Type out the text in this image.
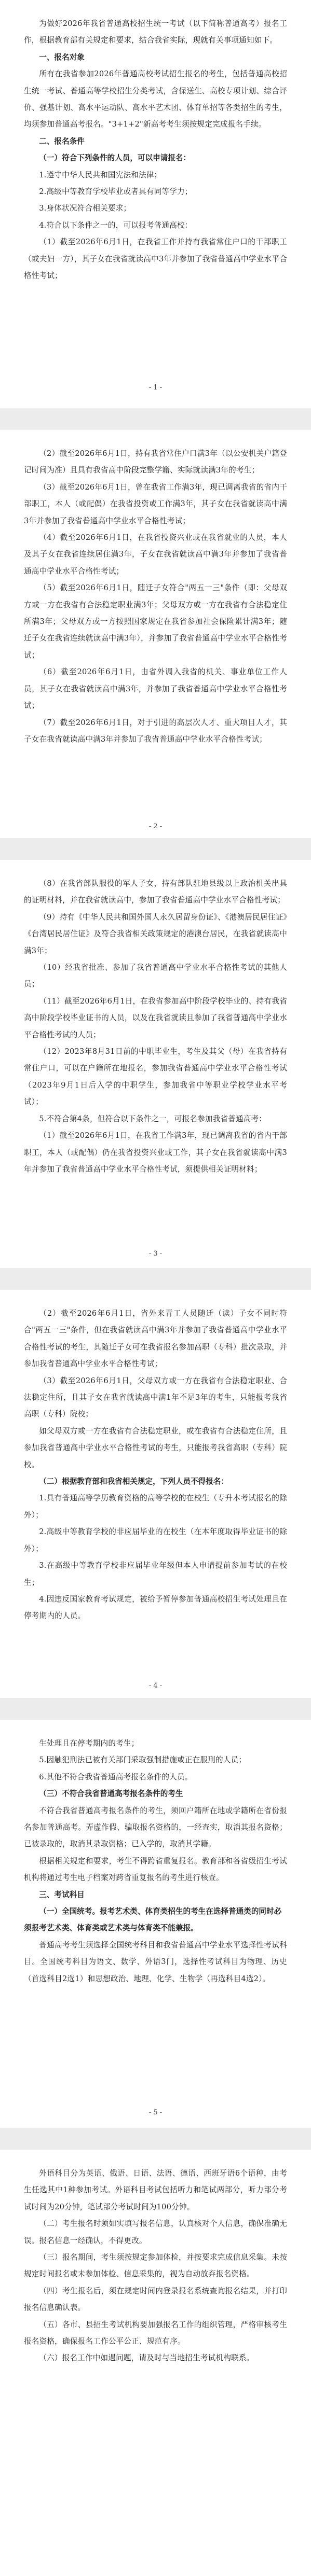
为做好2026年我省普通高校招生统一考试（以下简称普通高考）报名工作，根据教育部有关规定和要求，结合我省实际，现就有关事项通知如下。

一、报名对象

所有在我省参加2026年普通高校考试招生报名的考生，包括普通高校招生统一考试、普通高等学校招生分类考试，含保送生、高校专项计划、综合评价、强基计划、高水平运动队、高水平艺术团、体育单招等各类招生的考生，均须参加普通高考报名。"3+1+2"新高考考生须按规定完成报名手续。

二、报名条件

（一）符合下列条件的人员，可以申请报名：

1.遵守中华人民共和国宪法和法律；

2.高级中等教育学校毕业或者具有同等学力；

3.身体状况符合相关要求；

4.符合以下条件之一的，可以报考普通高校：

（1）截至2026年6月1日，在我省工作并持有我省常住户口的干部职工（或夫妇一方），其子女在我省就读高中3年并参加了我省普通高中学业水平合格性考试；

- 1 -

（2）截至2026年6月1日，持有我省常住户口满3年（以公安机关户籍登记时间为准）且具有我省高中阶段完整学籍、实际就读满3年的考生；

（3）截至2026年6月1日，曾在我省工作满3年，现已调离我省的省内干部职工，本人（或配偶）在我省投资或工作满3年，其子女在我省就读高中满3年并参加了我省普通高中学业水平合格性考试；

（4）截至2026年6月1日，在我省投资兴业或在我省就业的人员，本人及其子女在我省连续居住满3年，子女在我省就读高中满3年并参加了我省普通高中学业水平合格性考试；

（5）截至2026年6月1日，随迁子女符合"两五一三"条件（即：父母双方或一方在我省有合法稳定职业满3年；父母双方或一方在我省有合法稳定住所满3年；父母双方或一方按照国家规定在我省参加社会保险累计满3年；随迁子女在我省连续就读高中满3年），并参加了我省普通高中学业水平合格性考试；

（6）截至2026年6月1日，由省外调入我省的机关、事业单位工作人员，其子女在我省就读高中满3年，并参加了我省普通高中学业水平合格性考试；

（7）截至2026年6月1日，对于引进的高层次人才、重大项目人才，其子女在我省就读高中满3年并参加了我省普通高中学业水平合格性考试；

- 2 -

（8）在我省部队服役的军人子女，持有部队驻地县级以上政治机关出具的证明材料，并在我省就读高中，参加了我省普通高中学业水平合格性考试；

（9）持有《中华人民共和国外国人永久居留身份证》、《港澳居民居住证》《台湾居民居住证》及符合我省相关政策规定的港澳台居民，在我省就读高中满3年；

（10）经我省批准、参加了我省普通高中学业水平合格性考试的其他人员；

（11）截至2026年6月1日，在我省参加高中阶段学校毕业的、持有我省高中阶段学校毕业证书的人员，以及在我省就读且参加了我省普通高中学业水平合格性考试的人员；

（12）2023年8月31日前的中职毕业生，考生及其父（母）在我省持有常住户口，可以在户籍所在地报名，参加我省普通高中学业水平合格性考试（2023年9月1日后入学的中职学生，参加我省中等职业学校学业水平考试）；

5.不符合第4条，但符合以下条件之一，可报名参加我省普通高考：

（1）截至2026年6月1日，在我省工作满3年，现已调离我省的省内干部职工，本人（或配偶）仍在我省投资兴业或工作，其子女在我省就读高中满3年并参加了我省普通高中学业水平合格性考试，须提供相关证明材料；

- 3 -

（2）截至2026年6月1日，省外来青工人员随迁（读）子女不同时符合"两五一三"条件，但在我省就读高中满3年并参加了我省普通高中学业水平合格性考试的考生，其随迁子女可在我省报名参加高职（专科）批次录取，并参加我省普通高中学业水平合格性考试；

（3）截至2026年6月1日，父母双方或一方在我省有合法稳定职业、合法稳定住所，且其子女在我省就读高中满1年不足3年的考生，只能报考我省高职（专科）院校；

如父母双方或一方在我省有合法稳定职业，或在我省有合法稳定住所，且参加我省普通高中学业水平合格性考试的考生，只能报考我省高职（专科）院校。

（二）根据教育部和我省相关规定，下列人员不得报名：

1.具有普通高等学历教育资格的高等学校的在校生（专升本考试报名的除外）；

2.高级中等教育学校的非应届毕业的在校生（在本年度取得毕业证书的除外）；

3.在高级中等教育学校非应届毕业年级但本人申请提前参加考试的在校生；

4.因违反国家教育考试规定，被给予暂停参加普通高校招生考试处理且在停考期内的人员。

- 4 -

生处理且在停考期内的考生；

5.因触犯刑法已被有关部门采取强制措施或正在服刑的人员；

6.其他不符合我省普通高考报名条件的人员。

（三）不符合我省普通高考报名条件的考生

不符合我省普通高考报名条件的考生，须回户籍所在地或学籍所在省份报名参加普通高考。弄虚作假、骗取报名资格的，一经查实，取消其报名资格；已被录取的，取消其录取资格；已入学的，取消其学籍。

根据相关规定和要求，考生不得跨省重复报名。教育部和各省级招生考试机构将通过考生电子档案对跨省重复报名的考生进行核查。

三、考试科目

（一）全国统考。报考艺术类、体育类招生的考生在选择普通类的同时必须报考艺术类、体育类或艺术类与体育类不能兼报。

普通高考考生须选择全国统考科目和我省普通高中学业水平选择性考试科目。全国统考科目为语文、数学、外语3门，选择性考试科目为物理、历史（首选科目2选1）和思想政治、地理、化学、生物学（再选科目4选2）。

- 5 -

外语科目分为英语、俄语、日语、法语、德语、西班牙语6个语种，由考生任选其中1种参加考试。外语科目考试包括听力和笔试两部分，听力部分考试时间为20分钟，笔试部分考试时间为100分钟。

（二）考生报名时须如实填写报名信息，认真核对个人信息，确保准确无误。报名信息一经确认，不得更改。

（三）报名期间，考生须按规定参加体检，并按要求完成信息采集。未按规定时间报名或未参加体检、信息采集的，视为自动放弃报名资格。

（四）考生报名后，须在规定时间内登录报名系统查询报名结果，并打印报名信息确认表。

（五）各市、县招生考试机构要加强报名工作的组织管理，严格审核考生报名资格，确保报名工作公平公正、规范有序。

（六）报名工作中如遇问题，请及时与当地招生考试机构联系。
